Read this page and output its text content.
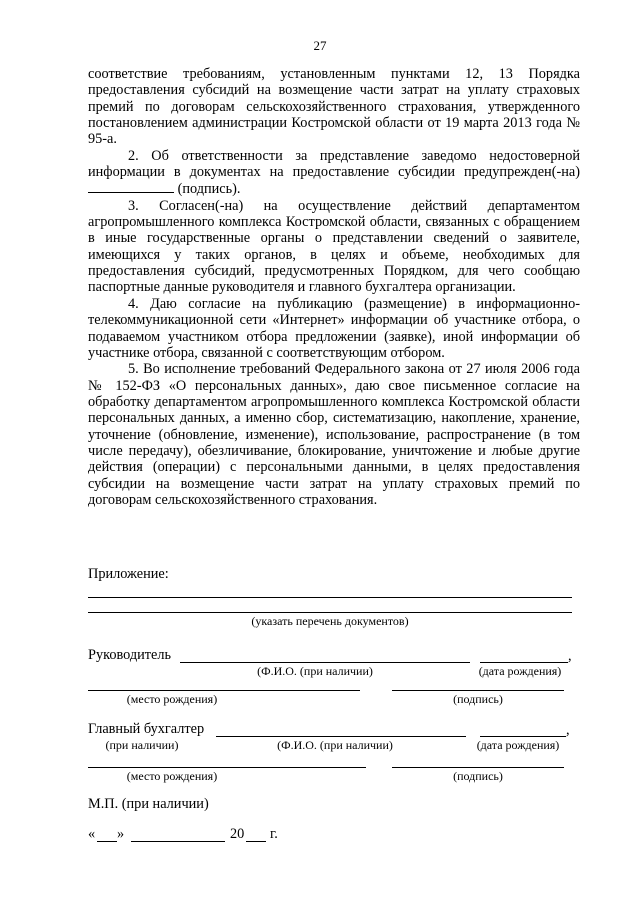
27

соответствие требованиям, установленным пунктами 12, 13 Порядка предоставления субсидий на возмещение части затрат на уплату страховых премий по договорам сельскохозяйственного страхования, утвержденного постановлением администрации Костромской области от 19 марта 2013 года № 95-а.

2. Об ответственности за представление заведомо недостоверной информации в документах на предоставление субсидии предупрежден(-на)  (подпись).

3. Согласен(-на) на осуществление действий департаментом агропромышленного комплекса Костромской области, связанных с обращением в иные государственные органы о представлении сведений о заявителе, имеющихся у таких органов, в целях и объеме, необходимых для предоставления субсидий, предусмотренных Порядком, для чего сообщаю паспортные данные руководителя и главного бухгалтера организации.

4. Даю согласие на публикацию (размещение) в информационно-телекоммуникационной сети «Интернет» информации об участнике отбора, о подаваемом участником отбора предложении (заявке), иной информации об участнике отбора, связанной с соответствующим отбором.

5. Во исполнение требований Федерального закона от 27 июля 2006 года № 152-ФЗ «О персональных данных», даю свое письменное согласие на обработку департаментом агропромышленного комплекса Костромской области персональных данных, а именно сбор, систематизацию, накопление, хранение, уточнение (обновление, изменение), использование, распространение (в том числе передачу), обезличивание, блокирование, уничтожение и любые другие действия (операции) с персональными данными, в целях предоставления субсидии на возмещение части затрат на уплату страховых премий по договорам сельскохозяйственного страхования.

Приложение:
(указать перечень документов)
Руководитель	,
(Ф.И.О. (при наличии)	(дата рождения)
(место рождения)	(подпись)
Главный бухгалтер	,
(при наличии)	(Ф.И.О. (при наличии)	(дата рождения)
(место рождения)	(подпись)
М.П. (при наличии)
« »	20 г.
